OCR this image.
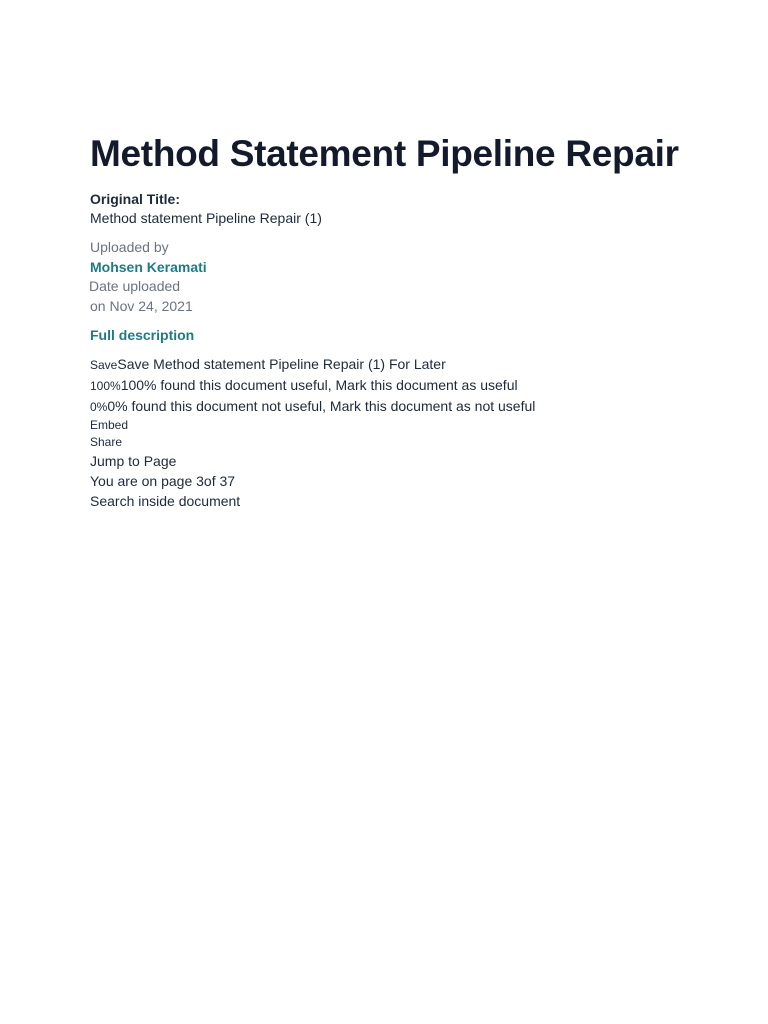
Method Statement Pipeline Repair
Original Title:
Method statement Pipeline Repair (1)
Uploaded by
Mohsen Keramati
Date uploaded
on Nov 24, 2021
Full description
SaveSave Method statement Pipeline Repair (1) For Later
100%100% found this document useful, Mark this document as useful
0%0% found this document not useful, Mark this document as not useful
Embed
Share
Jump to Page
You are on page 3of 37
Search inside document
